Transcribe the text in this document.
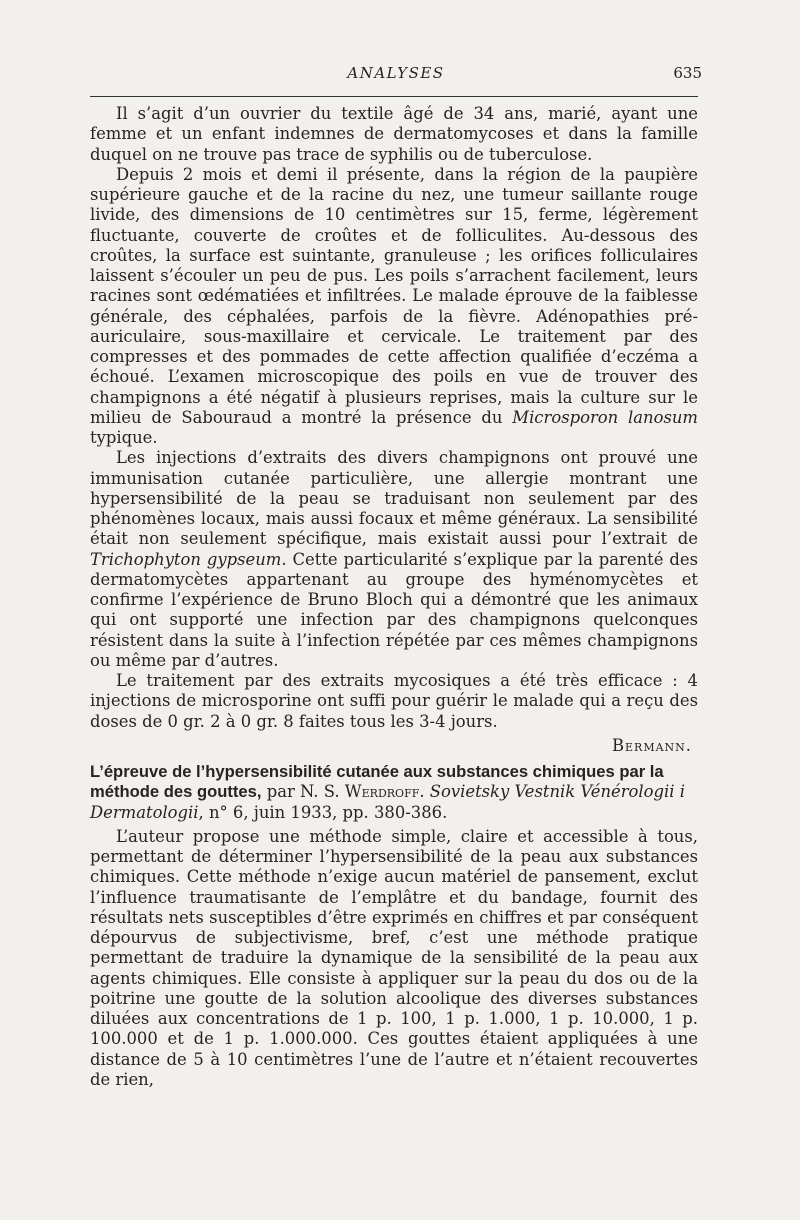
ANALYSES	635

Il s’agit d’un ouvrier du textile âgé de 34 ans, marié, ayant une femme et un enfant indemnes de dermatomycoses et dans la famille duquel on ne trouve pas trace de syphilis ou de tuberculose.

Depuis 2 mois et demi il présente, dans la région de la paupière supérieure gauche et de la racine du nez, une tumeur saillante rouge livide, des dimensions de 10 centimètres sur 15, ferme, légèrement fluctuante, couverte de croûtes et de folliculites. Au-dessous des croûtes, la surface est suintante, granuleuse ; les orifices folliculaires laissent s’écouler un peu de pus. Les poils s’arrachent facilement, leurs racines sont œdématiées et infiltrées. Le malade éprouve de la faiblesse générale, des céphalées, parfois de la fièvre. Adénopathies pré-auriculaire, sous-maxillaire et cervicale. Le traitement par des compresses et des pommades de cette affection qualifiée d’eczéma a échoué. L’examen microscopique des poils en vue de trouver des champignons a été négatif à plusieurs reprises, mais la culture sur le milieu de Sabouraud a montré la présence du Microsporon lanosum typique.

Les injections d’extraits des divers champignons ont prouvé une immunisation cutanée particulière, une allergie montrant une hypersensibilité de la peau se traduisant non seulement par des phénomènes locaux, mais aussi focaux et même généraux. La sensibilité était non seulement spécifique, mais existait aussi pour l’extrait de Trichophyton gypseum. Cette particularité s’explique par la parenté des dermatomycètes appartenant au groupe des hyménomycètes et confirme l’expérience de Bruno Bloch qui a démontré que les animaux qui ont supporté une infection par des champignons quelconques résistent dans la suite à l’infection répétée par ces mêmes champignons ou même par d’autres.

Le traitement par des extraits mycosiques a été très efficace : 4 injections de microsporine ont suffi pour guérir le malade qui a reçu des doses de 0 gr. 2 à 0 gr. 8 faites tous les 3-4 jours.

Bermann.

L’épreuve de l’hypersensibilité cutanée aux substances chimiques par la méthode des gouttes, par N. S. Werdroff. Sovietsky Vestnik Vénérologii i Dermatologii, n° 6, juin 1933, pp. 380-386.

L’auteur propose une méthode simple, claire et accessible à tous, permettant de déterminer l’hypersensibilité de la peau aux substances chimiques. Cette méthode n’exige aucun matériel de pansement, exclut l’influence traumatisante de l’emplâtre et du bandage, fournit des résultats nets susceptibles d’être exprimés en chiffres et par conséquent dépourvus de subjectivisme, bref, c’est une méthode pratique permettant de traduire la dynamique de la sensibilité de la peau aux agents chimiques. Elle consiste à appliquer sur la peau du dos ou de la poitrine une goutte de la solution alcoolique des diverses substances diluées aux concentrations de 1 p. 100, 1 p. 1.000, 1 p. 10.000, 1 p. 100.000 et de 1 p. 1.000.000. Ces gouttes étaient appliquées à une distance de 5 à 10 centimètres l’une de l’autre et n’étaient recouvertes de rien,
